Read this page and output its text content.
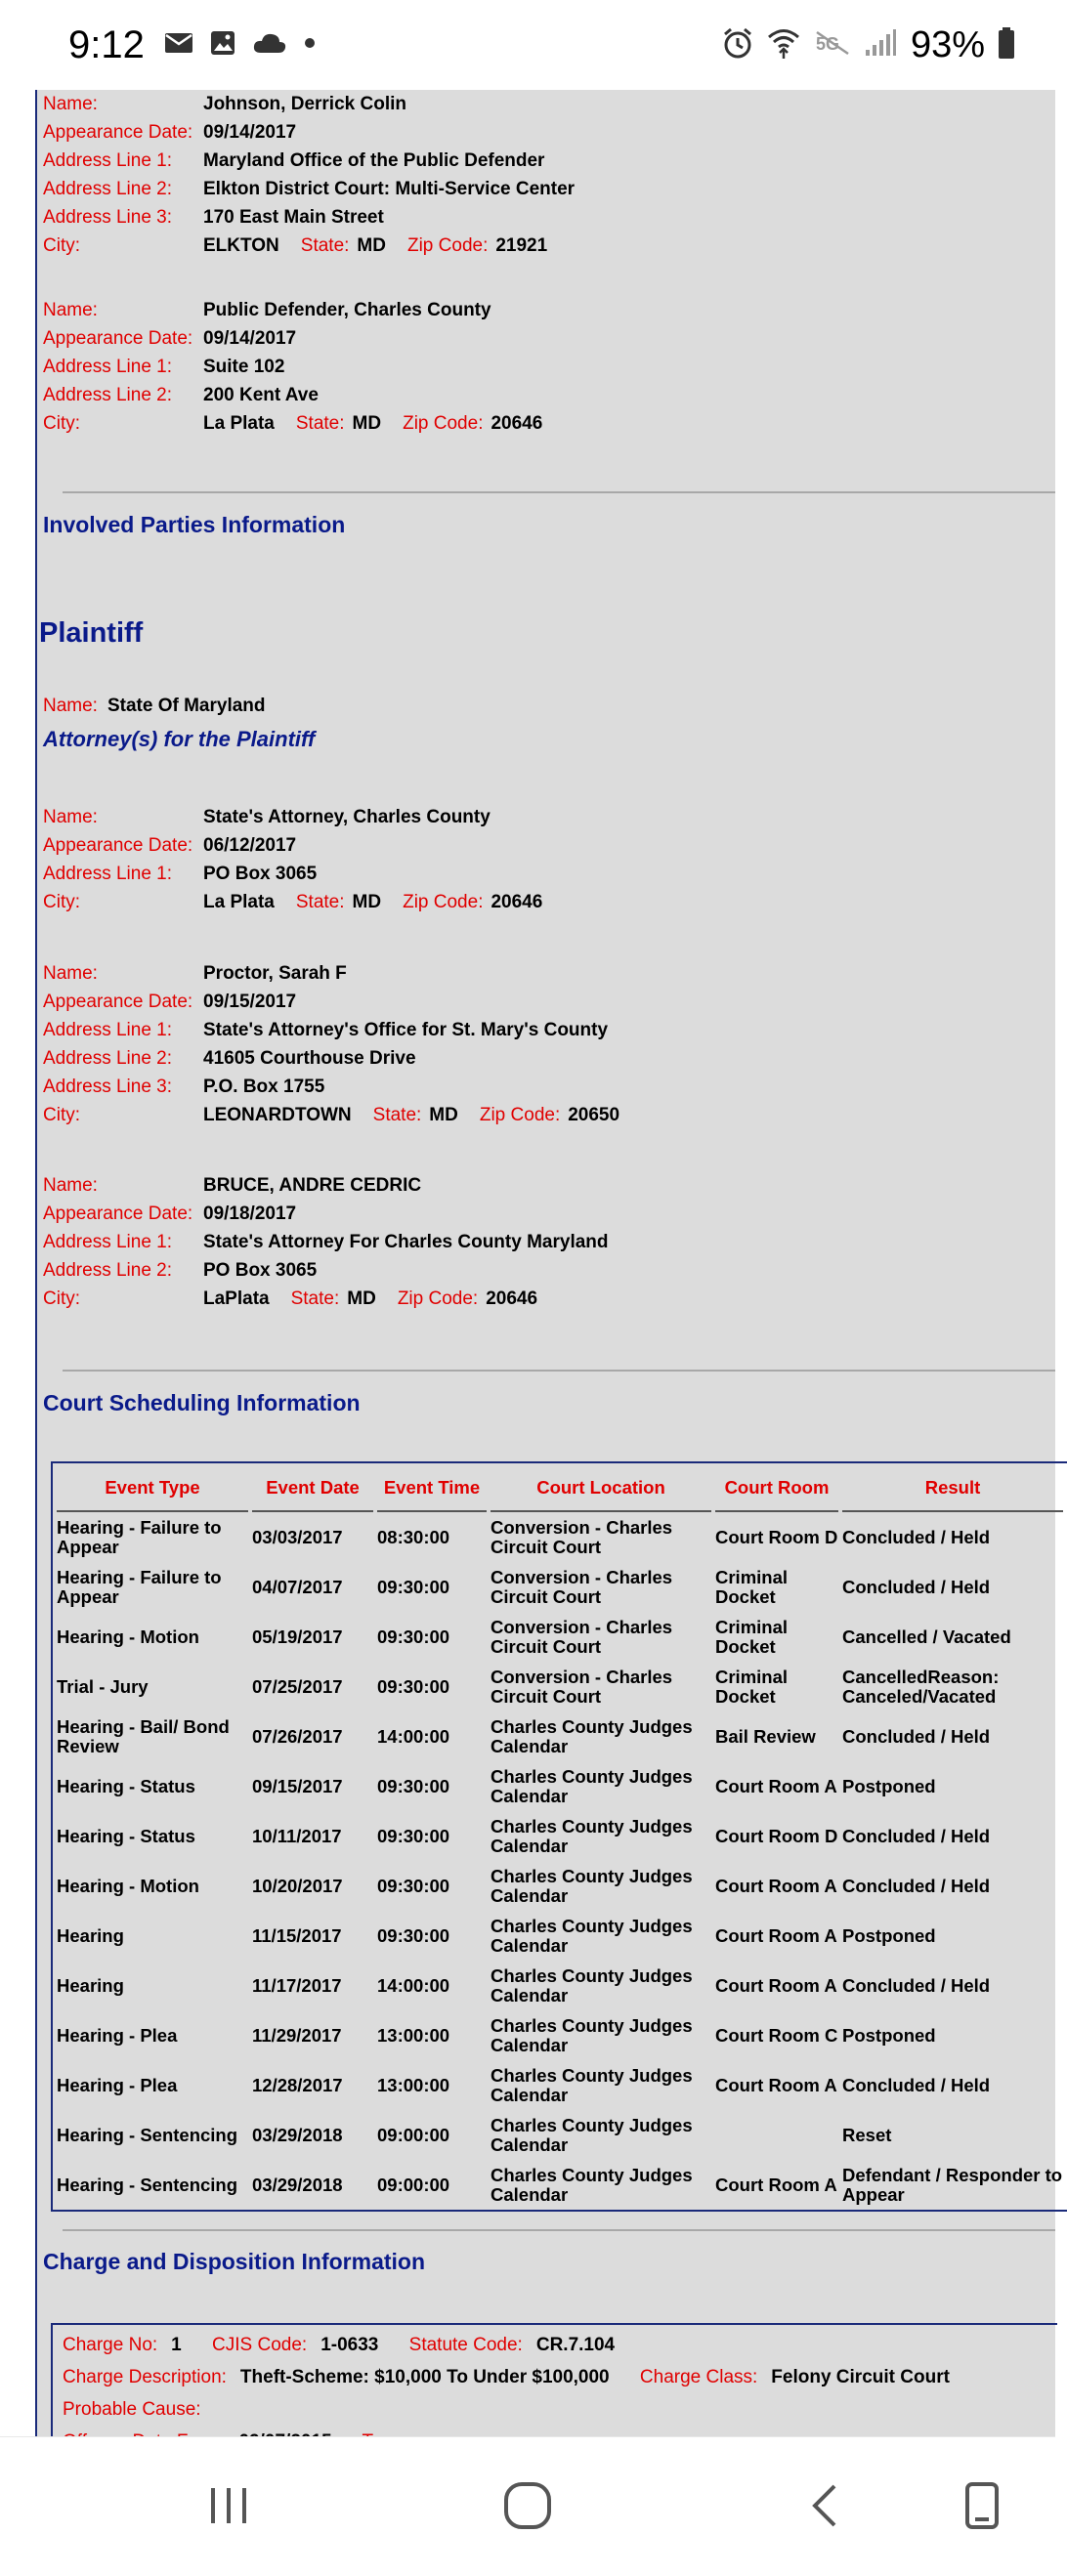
9:12	5G 93%
Name:	Johnson, Derrick Colin
Appearance Date: 09/14/2017
Address Line 1: Maryland Office of the Public Defender
Address Line 2: Elkton District Court: Multi-Service Center
Address Line 3: 170 East Main Street
City:	ELKTON State: MD Zip Code: 21921
Name:	Public Defender, Charles County
Appearance Date: 09/14/2017
Address Line 1: Suite 102
Address Line 2: 200 Kent Ave
City:	La Plata State: MD Zip Code: 20646
Involved Parties Information
Plaintiff
Name: State Of Maryland
Attorney(s) for the Plaintiff
Name:	State's Attorney, Charles County
Appearance Date: 06/12/2017
Address Line 1: PO Box 3065
City:	La Plata State: MD Zip Code: 20646
Name:	Proctor, Sarah F
Appearance Date: 09/15/2017
Address Line 1: State's Attorney's Office for St. Mary's County
Address Line 2: 41605 Courthouse Drive
Address Line 3: P.O. Box 1755
City:	LEONARDTOWN State: MD Zip Code: 20650
Name:	BRUCE, ANDRE CEDRIC
Appearance Date: 09/18/2017
Address Line 1: State's Attorney For Charles County Maryland
Address Line 2: PO Box 3065
City:	LaPlata State: MD Zip Code: 20646
Court Scheduling Information
Event Type	Event Date	Event Time	Court Location	Court Room	Result
Hearing - Failure to Appear	03/03/2017	08:30:00	Conversion - Charles Circuit Court	Court Room D	Concluded / Held
Hearing - Failure to Appear	04/07/2017	09:30:00	Conversion - Charles Circuit Court	Criminal Docket	Concluded / Held
Hearing - Motion	05/19/2017	09:30:00	Conversion - Charles Circuit Court	Criminal Docket	Cancelled / Vacated
Trial - Jury	07/25/2017	09:30:00	Conversion - Charles Circuit Court	Criminal Docket	CancelledReason: Canceled/Vacated
Hearing - Bail/ Bond Review	07/26/2017	14:00:00	Charles County Judges Calendar	Bail Review	Concluded / Held
Hearing - Status	09/15/2017	09:30:00	Charles County Judges Calendar	Court Room A	Postponed
Hearing - Status	10/11/2017	09:30:00	Charles County Judges Calendar	Court Room D	Concluded / Held
Hearing - Motion	10/20/2017	09:30:00	Charles County Judges Calendar	Court Room A	Concluded / Held
Hearing	11/15/2017	09:30:00	Charles County Judges Calendar	Court Room A	Postponed
Hearing	11/17/2017	14:00:00	Charles County Judges Calendar	Court Room A	Concluded / Held
Hearing - Plea	11/29/2017	13:00:00	Charles County Judges Calendar	Court Room C	Postponed
Hearing - Plea	12/28/2017	13:00:00	Charles County Judges Calendar	Court Room A	Concluded / Held
Hearing - Sentencing	03/29/2018	09:00:00	Charles County Judges Calendar		Reset
Hearing - Sentencing	03/29/2018	09:00:00	Charles County Judges Calendar	Court Room A	Defendant / Responder to Appear
Charge and Disposition Information
Charge No: 1 CJIS Code: 1-0633 Statute Code: CR.7.104
Charge Description: Theft-Scheme: $10,000 To Under $100,000 Charge Class: Felony Circuit Court
Probable Cause:
